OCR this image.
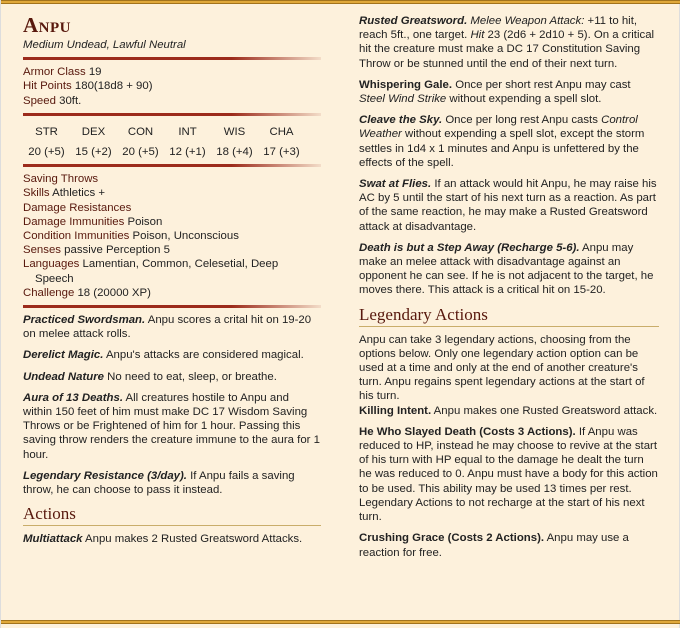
Anpu
Medium Undead, Lawful Neutral
Armor Class 19
Hit Points 180(18d8 + 90)
Speed 30ft.
STR
20 (+5)
DEX
15 (+2)
CON
20 (+5)
INT
12 (+1)
WIS
18 (+4)
CHA
17 (+3)
Saving Throws
Skills Athletics +
Damage Resistances
Damage Immunities Poison
Condition Immunities Poison, Unconscious
Senses passive Perception 5
Languages Lamentian, Common, Celesetial, Deep
Speech
Challenge 18 (20000 XP)

Practiced Swordsman. Anpu scores a crital hit on 19-20 on melee attack rolls.

Derelict Magic. Anpu's attacks are considered magical.

Undead Nature No need to eat, sleep, or breathe.

Aura of 13 Deaths. All creatures hostile to Anpu and within 150 feet of him must make DC 17 Wisdom Saving Throws or be Frightened of him for 1 hour. Passing this saving throw renders the creature immune to the aura for 1 hour.

Legendary Resistance (3/day). If Anpu fails a saving throw, he can choose to pass it instead.

Actions

Multiattack Anpu makes 2 Rusted Greatsword Attacks.

Rusted Greatsword. Melee Weapon Attack: +11 to hit, reach 5ft., one target. Hit 23 (2d6 + 2d10 + 5). On a critical hit the creature must make a DC 17 Constitution Saving Throw or be stunned until the end of their next turn.

Whispering Gale. Once per short rest Anpu may cast Steel Wind Strike without expending a spell slot.

Cleave the Sky. Once per long rest Anpu casts Control Weather without expending a spell slot, except the storm settles in 1d4 x 1 minutes and Anpu is unfettered by the effects of the spell.

Swat at Flies. If an attack would hit Anpu, he may raise his AC by 5 until the start of his next turn as a reaction. As part of the same reaction, he may make a Rusted Greatsword attack at disadvantage.

Death is but a Step Away (Recharge 5-6). Anpu may make an melee attack with disadvantage against an opponent he can see. If he is not adjacent to the target, he moves there. This attack is a critical hit on 15-20.

Legendary Actions

Anpu can take 3 legendary actions, choosing from the options below. Only one legendary action option can be used at a time and only at the end of another creature's turn. Anpu regains spent legendary actions at the start of his turn.

Killing Intent. Anpu makes one Rusted Greatsword attack.

He Who Slayed Death (Costs 3 Actions). If Anpu was reduced to HP, instead he may choose to revive at the start of his turn with HP equal to the damage he dealt the turn he was reduced to 0. Anpu must have a body for this action to be used. This ability may be used 13 times per rest. Legendary Actions to not recharge at the start of his next turn.

Crushing Grace (Costs 2 Actions). Anpu may use a reaction for free.
